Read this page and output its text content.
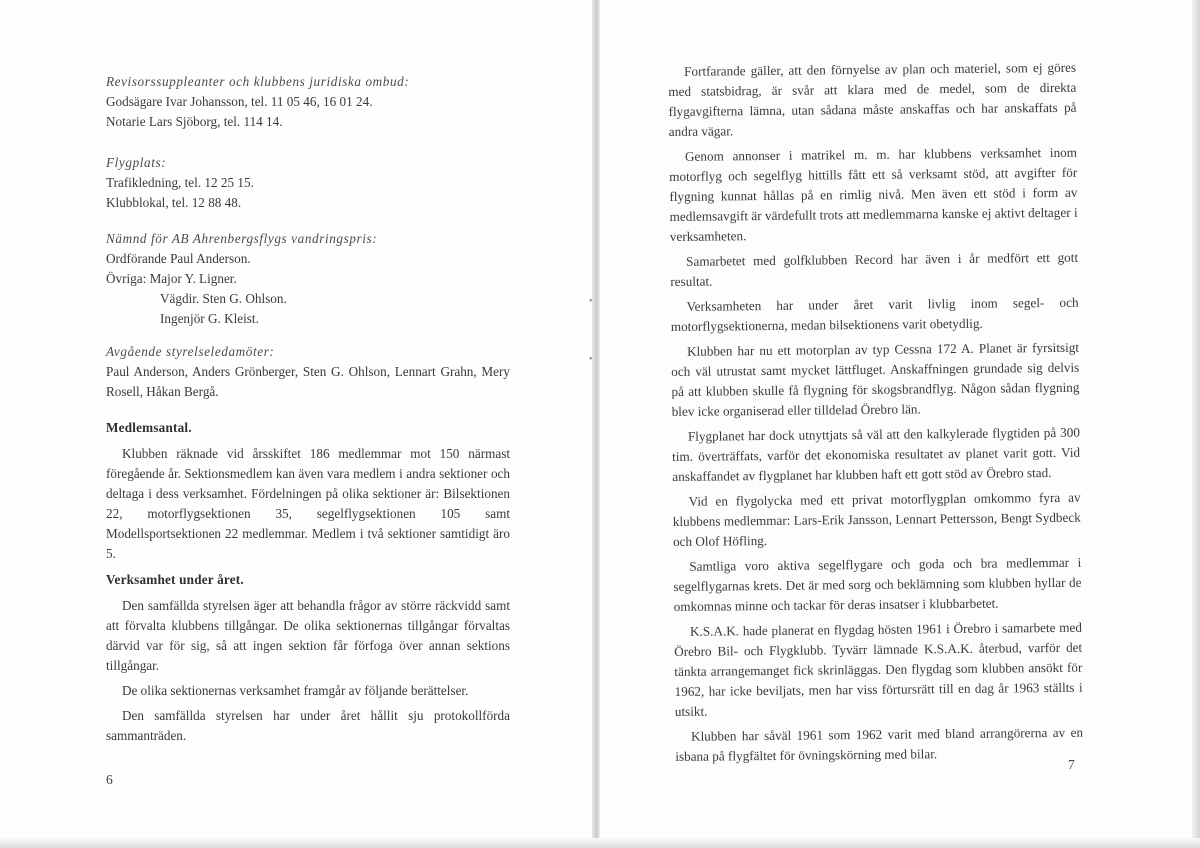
Revisorssuppleanter och klubbens juridiska ombud:

Godsägare Ivar Johansson, tel. 11 05 46, 16 01 24.

Notarie Lars Sjöborg, tel. 114 14.

Flygplats:

Trafikledning, tel. 12 25 15.

Klubblokal, tel. 12 88 48.

Nämnd för AB Ahrenbergsflygs vandringspris:

Ordförande Paul Anderson.

Övriga: Major Y. Ligner.

Vägdir. Sten G. Ohlson.

Ingenjör G. Kleist.

Avgående styrelseledamöter:

Paul Anderson, Anders Grönberger, Sten G. Ohlson, Lennart Grahn, Mery Rosell, Håkan Bergå.

Medlemsantal.

Klubben räknade vid årsskiftet 186 medlemmar mot 150 närmast föregående år. Sektionsmedlem kan även vara medlem i andra sektioner och deltaga i dess verksamhet. Fördelningen på olika sektioner är: Bilsektionen 22, motorflygsektionen 35, segelflygsektionen 105 samt Modellsportsektionen 22 medlemmar. Medlem i två sektioner samtidigt äro 5.

Verksamhet under året.

Den samfällda styrelsen äger att behandla frågor av större räckvidd samt att förvalta klubbens tillgångar. De olika sektionernas tillgångar förvaltas därvid var för sig, så att ingen sektion får förfoga över annan sektions tillgångar.

De olika sektionernas verksamhet framgår av följande berättelser.

Den samfällda styrelsen har under året hållit sju protokollförda sammanträden.

6

Fortfarande gäller, att den förnyelse av plan och materiel, som ej göres med statsbidrag, är svår att klara med de medel, som de direkta flygavgifterna lämna, utan sådana måste anskaffas och har anskaffats på andra vägar.

Genom annonser i matrikel m. m. har klubbens verksamhet inom motorflyg och segelflyg hittills fått ett så verksamt stöd, att avgifter för flygning kunnat hållas på en rimlig nivå. Men även ett stöd i form av medlemsavgift är värdefullt trots att medlemmarna kanske ej aktivt deltager i verksamheten.

Samarbetet med golfklubben Record har även i år medfört ett gott resultat.

Verksamheten har under året varit livlig inom segel- och motorflygsektionerna, medan bilsektionens varit obetydlig.

Klubben har nu ett motorplan av typ Cessna 172 A. Planet är fyrsitsigt och väl utrustat samt mycket lättfluget. Anskaffningen grundade sig delvis på att klubben skulle få flygning för skogsbrandflyg. Någon sådan flygning blev icke organiserad eller tilldelad Örebro län.

Flygplanet har dock utnyttjats så väl att den kalkylerade flygtiden på 300 tim. överträffats, varför det ekonomiska resultatet av planet varit gott. Vid anskaffandet av flygplanet har klubben haft ett gott stöd av Örebro stad.

Vid en flygolycka med ett privat motorflygplan omkommo fyra av klubbens medlemmar: Lars-Erik Jansson, Lennart Pettersson, Bengt Sydbeck och Olof Höfling.

Samtliga voro aktiva segelflygare och goda och bra medlemmar i segelflygarnas krets. Det är med sorg och beklämning som klubben hyllar de omkomnas minne och tackar för deras insatser i klubbarbetet.

K.S.A.K. hade planerat en flygdag hösten 1961 i Örebro i samarbete med Örebro Bil- och Flygklubb. Tyvärr lämnade K.S.A.K. återbud, varför det tänkta arrangemanget fick skrinläggas. Den flygdag som klubben ansökt för 1962, har icke beviljats, men har viss förtursrätt till en dag år 1963 ställts i utsikt.

Klubben har såväl 1961 som 1962 varit med bland arrangörerna av en isbana på flygfältet för övningskörning med bilar.

7
•
•
